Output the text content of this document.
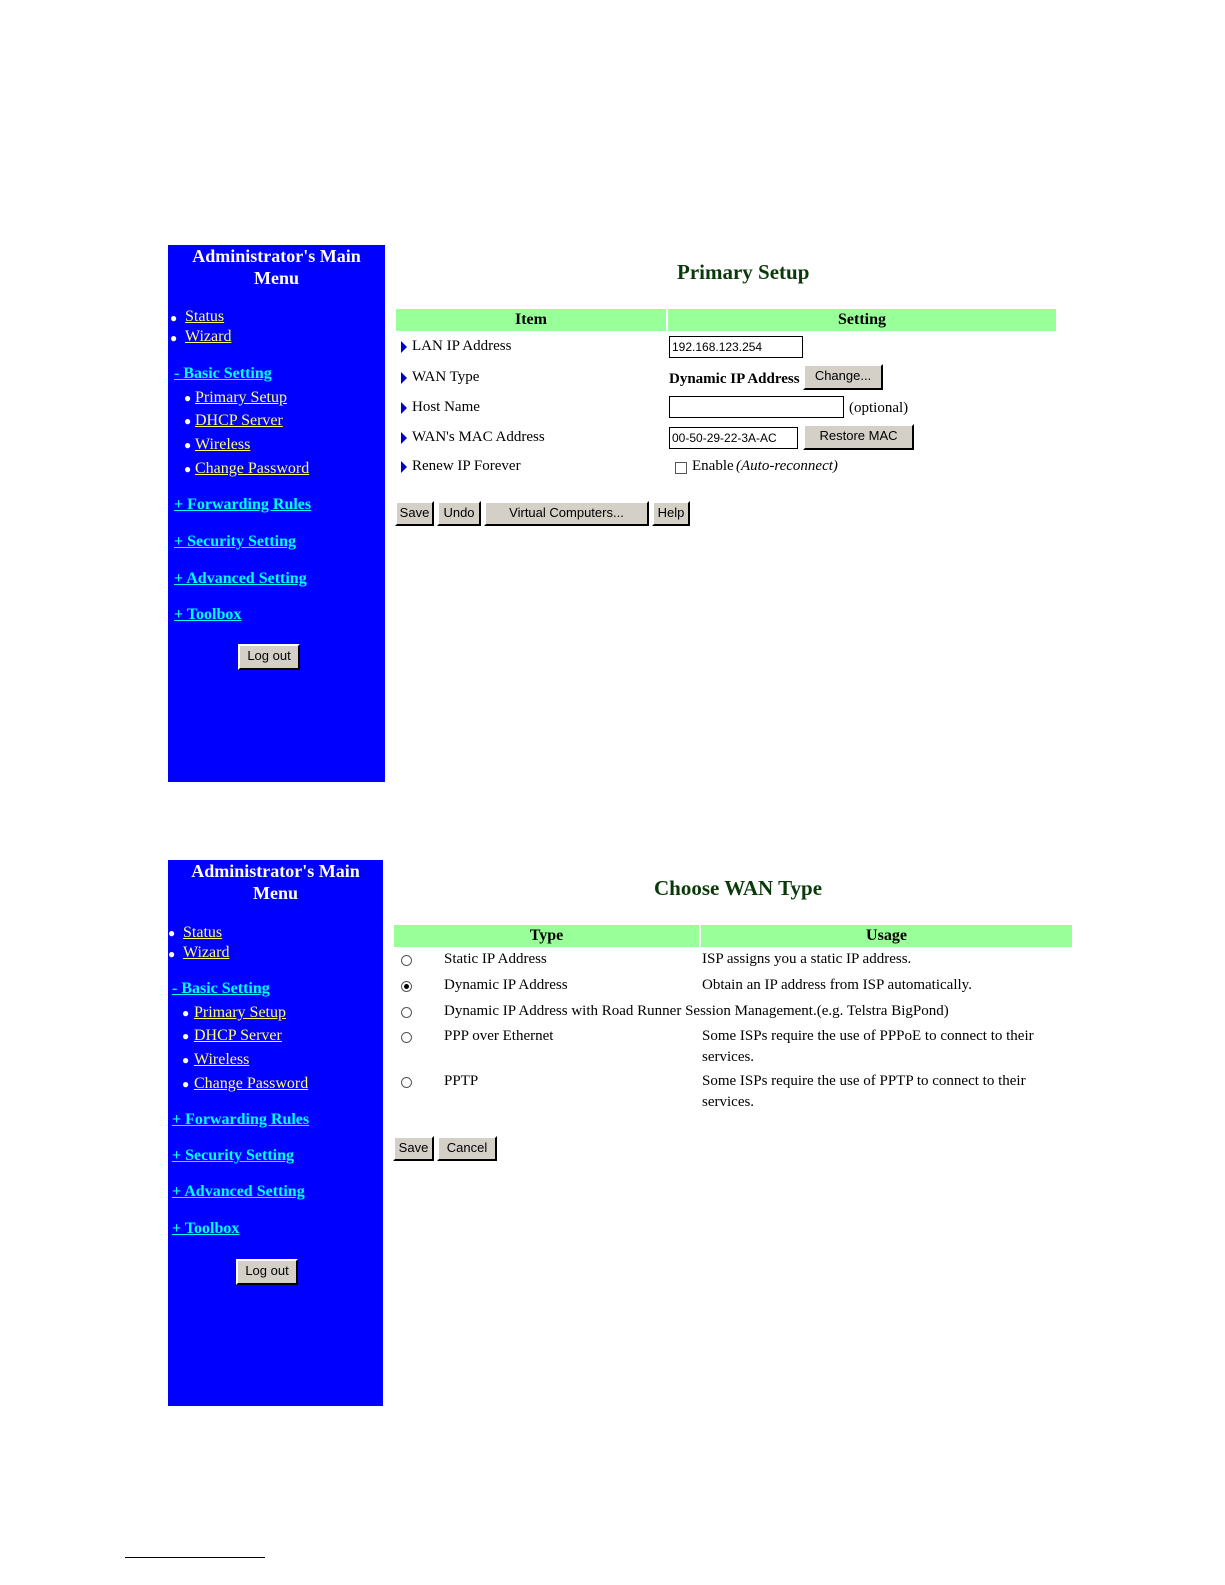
Administrator's Main
Menu
● Status
● Wizard
- Basic Setting
● Primary Setup
● DHCP Server
● Wireless
● Change Password
+ Forwarding Rules
+ Security Setting
+ Advanced Setting
+ Toolbox
Log out
Primary Setup
Item	Setting
LAN IP Address	192.168.123.254
WAN Type	Dynamic IP Address	Change...
Host Name	(optional)
WAN's MAC Address	00-50-29-22-3A-AC	Restore MAC
Renew IP Forever	Enable (Auto-reconnect)
Save	Undo	Virtual Computers...	Help
Administrator's Main
Menu
● Status
● Wizard
- Basic Setting
● Primary Setup
● DHCP Server
● Wireless
● Change Password
+ Forwarding Rules
+ Security Setting
+ Advanced Setting
+ Toolbox
Log out
Choose WAN Type
Type	Usage
Static IP Address	ISP assigns you a static IP address.
Dynamic IP Address	Obtain an IP address from ISP automatically.
Dynamic IP Address with Road Runner Session Management.(e.g. Telstra BigPond)
PPP over Ethernet	Some ISPs require the use of PPPoE to connect to their
services.
PPTP	Some ISPs require the use of PPTP to connect to their
services.
Save	Cancel
